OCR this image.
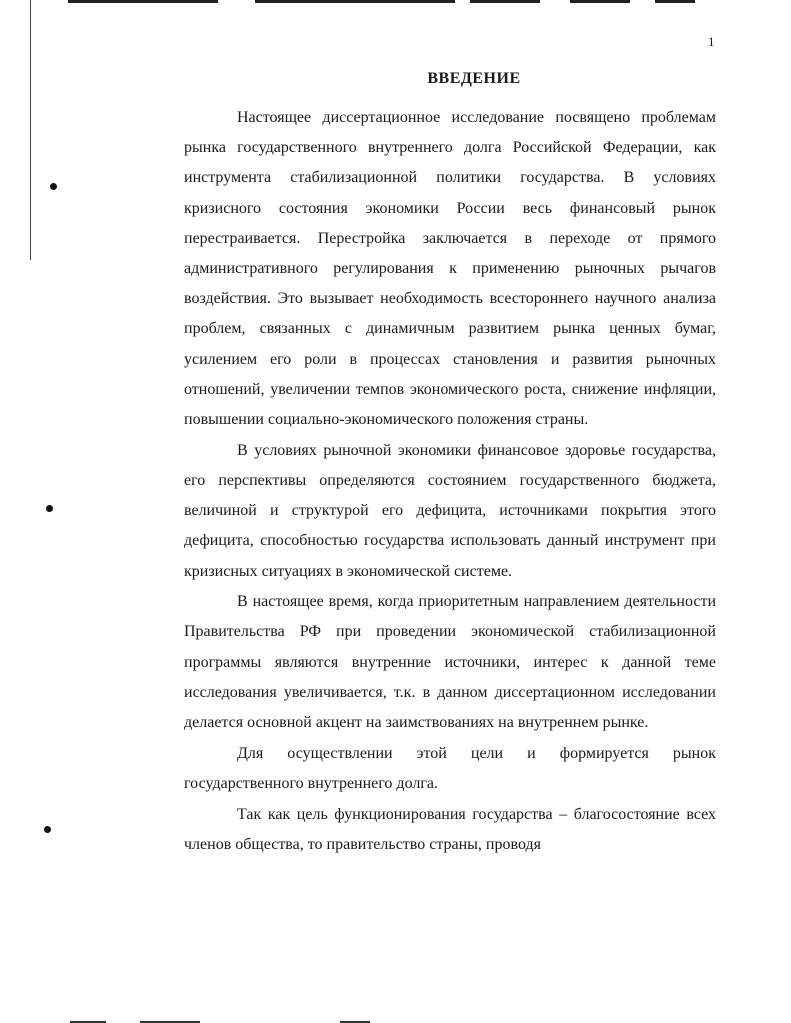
1
ВВЕДЕНИЕ

Настоящее диссертационное исследование посвящено проблемам рынка государственного внутреннего долга Российской Федерации, как инструмента стабилизационной политики государства. В условиях кризисного состояния экономики России весь финансовый рынок перестраивается. Перестройка заключается в переходе от прямого административного регулирования к применению рыночных рычагов воздействия. Это вызывает необходимость всестороннего научного анализа проблем, связанных с динамичным развитием рынка ценных бумаг, усилением его роли в процессах становления и развития рыночных отношений, увеличении темпов экономического роста, снижение инфляции, повышении социально-экономического положения страны.

В условиях рыночной экономики финансовое здоровье государства, его перспективы определяются состоянием государственного бюджета, величиной и структурой его дефицита, источниками покрытия этого дефицита, способностью государства использовать данный инструмент при кризисных ситуациях в экономической системе.

В настоящее время, когда приоритетным направлением деятельности Правительства РФ при проведении экономической стабилизационной программы являются внутренние источники, интерес к данной теме исследования увеличивается, т.к. в данном диссертационном исследовании делается основной акцент на заимствованиях на внутреннем рынке.

Для осуществлении этой цели и формируется рынок государственного внутреннего долга.

Так как цель функционирования государства – благосостояние всех членов общества, то правительство страны, проводя
